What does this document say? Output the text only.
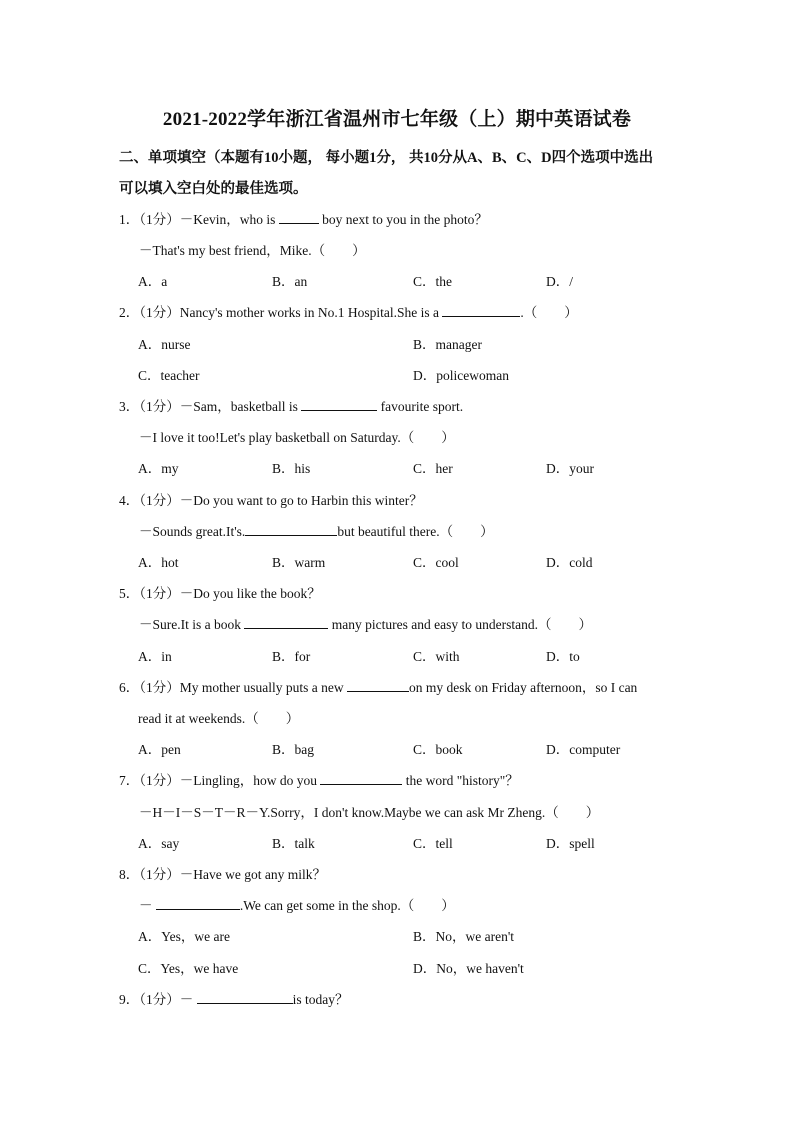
2021-2022学年浙江省温州市七年级（上）期中英语试卷
二、单项填空（本题有10小题， 每小题1分， 共10分从A、B、C、D四个选项中选出
可以填入空白处的最佳选项。
1．（1分）－Kevin，who is	boy next to you in the photo？
－That's my best friend，Mike.（　　）
A．a	B．an	C．the	D．/
2．（1分）Nancy's mother works in No.1 Hospital.She is a	.（　　）
A．nurse	B．manager
C．teacher	D．policewoman
3．（1分）－Sam，basketball is	favourite sport.
－I love it too!Let's play basketball on Saturday.（　　）
A．my	B．his	C．her	D．your
4．（1分）－Do you want to go to Harbin this winter？
－Sounds great.It's.	but beautiful there.（　　）
A．hot	B．warm	C．cool	D．cold
5．（1分）－Do you like the book？
－Sure.It is a book	many pictures and easy to understand.（　　）
A．in	B．for	C．with	D．to
6．（1分）My mother usually puts a new	on my desk on Friday afternoon，so I can
read it at weekends.（　　）
A．pen	B．bag	C．book	D．computer
7．（1分）－Lingling，how do you	the word "history"？
－H－I－S－T－R－Y.Sorry，I don't know.Maybe we can ask Mr Zheng.（　　）
A．say	B．talk	C．tell	D．spell
8．（1分）－Have we got any milk？
－	.We can get some in the shop.（　　）
A．Yes，we are	B．No，we aren't
C．Yes，we have	D．No，we haven't
9．（1分）－	is today？
